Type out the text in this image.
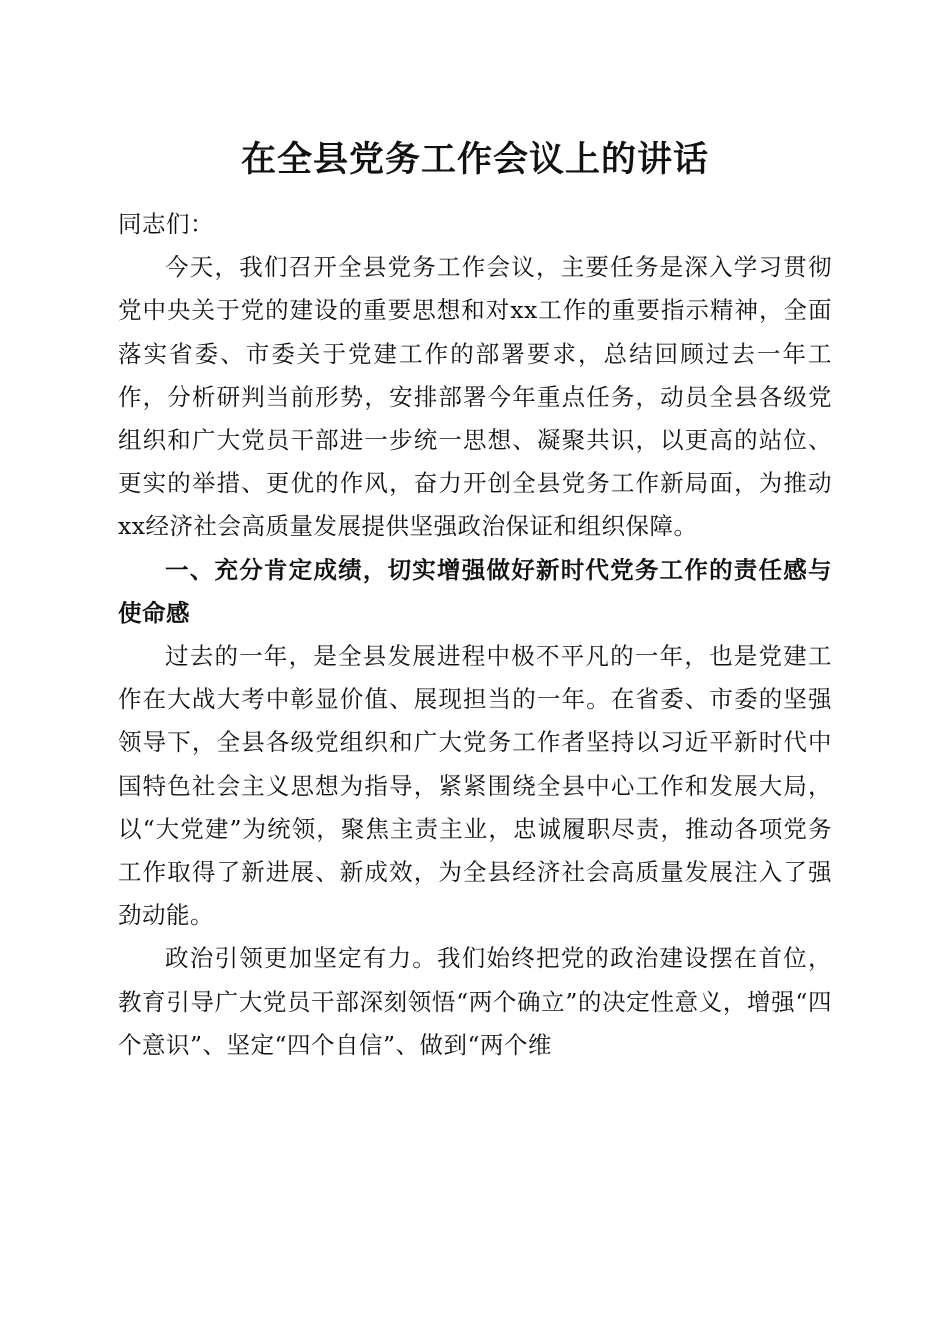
在全县党务工作会议上的讲话

同志们：

今天，我们召开全县党务工作会议，主要任务是深入学习贯彻党中央关于党的建设的重要思想和对xx工作的重要指示精神，全面落实省委、市委关于党建工作的部署要求，总结回顾过去一年工作，分析研判当前形势，安排部署今年重点任务，动员全县各级党组织和广大党员干部进一步统一思想、凝聚共识，以更高的站位、更实的举措、更优的作风，奋力开创全县党务工作新局面，为推动xx经济社会高质量发展提供坚强政治保证和组织保障。

一、充分肯定成绩，切实增强做好新时代党务工作的责任感与使命感

过去的一年，是全县发展进程中极不平凡的一年，也是党建工作在大战大考中彰显价值、展现担当的一年。在省委、市委的坚强领导下，全县各级党组织和广大党务工作者坚持以习近平新时代中国特色社会主义思想为指导，紧紧围绕全县中心工作和发展大局，以“大党建”为统领，聚焦主责主业，忠诚履职尽责，推动各项党务工作取得了新进展、新成效，为全县经济社会高质量发展注入了强劲动能。

政治引领更加坚定有力。我们始终把党的政治建设摆在首位，教育引导广大党员干部深刻领悟“两个确立”的决定性意义，增强“四个意识”、坚定“四个自信”、做到“两个维
